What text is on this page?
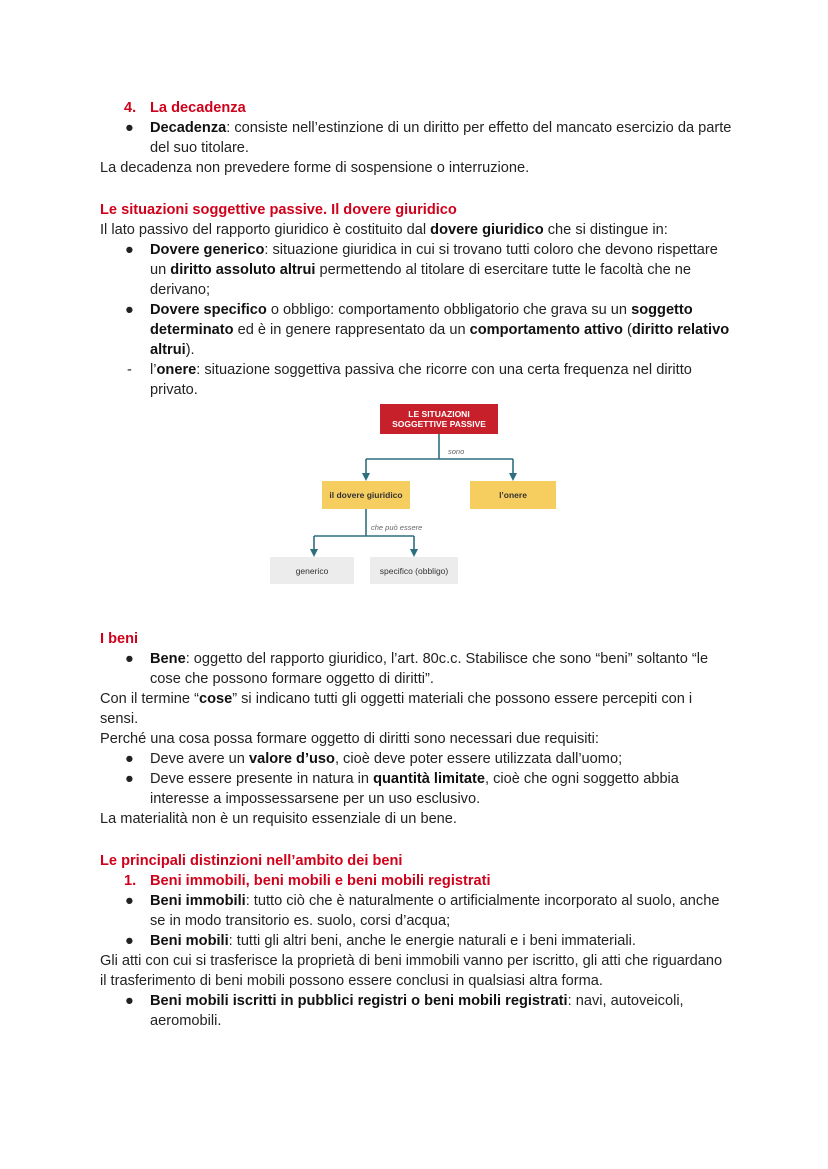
4. La decadenza
● Decadenza: consiste nell’estinzione di un diritto per effetto del mancato esercizio da parte del suo titolare.

La decadenza non prevedere forme di sospensione o interruzione.

Le situazioni soggettive passive. Il dovere giuridico

Il lato passivo del rapporto giuridico è costituito dal dovere giuridico che si distingue in:

● Dovere generico: situazione giuridica in cui si trovano tutti coloro che devono rispettare un diritto assoluto altrui permettendo al titolare di esercitare tutte le facoltà che ne derivano;
● Dovere specifico o obbligo: comportamento obbligatorio che grava su un soggetto determinato ed è in genere rappresentato da un comportamento attivo (diritto relativo altrui).
- l’onere: situazione soggettiva passiva che ricorre con una certa frequenza nel diritto privato.
LE SITUAZIONI SOGGETTIVE PASSIVE
sono
il dovere giuridico	l’onere
che può essere
generico	specifico (obbligo)

I beni

● Bene: oggetto del rapporto giuridico, l’art. 80c.c. Stabilisce che sono “beni” soltanto “le cose che possono formare oggetto di diritti”.

Con il termine “cose” si indicano tutti gli oggetti materiali che possono essere percepiti con i sensi.

Perché una cosa possa formare oggetto di diritti sono necessari due requisiti:

● Deve avere un valore d’uso, cioè deve poter essere utilizzata dall’uomo;
● Deve essere presente in natura in quantità limitate, cioè che ogni soggetto abbia interesse a impossessarsene per un uso esclusivo.

La materialità non è un requisito essenziale di un bene.

Le principali distinzioni nell’ambito dei beni

1. Beni immobili, beni mobili e beni mobili registrati
● Beni immobili: tutto ciò che è naturalmente o artificialmente incorporato al suolo, anche se in modo transitorio es. suolo, corsi d’acqua;
● Beni mobili: tutti gli altri beni, anche le energie naturali e i beni immateriali.

Gli atti con cui si trasferisce la proprietà di beni immobili vanno per iscritto, gli atti che riguardano il trasferimento di beni mobili possono essere conclusi in qualsiasi altra forma.

● Beni mobili iscritti in pubblici registri o beni mobili registrati: navi, autoveicoli, aeromobili.
